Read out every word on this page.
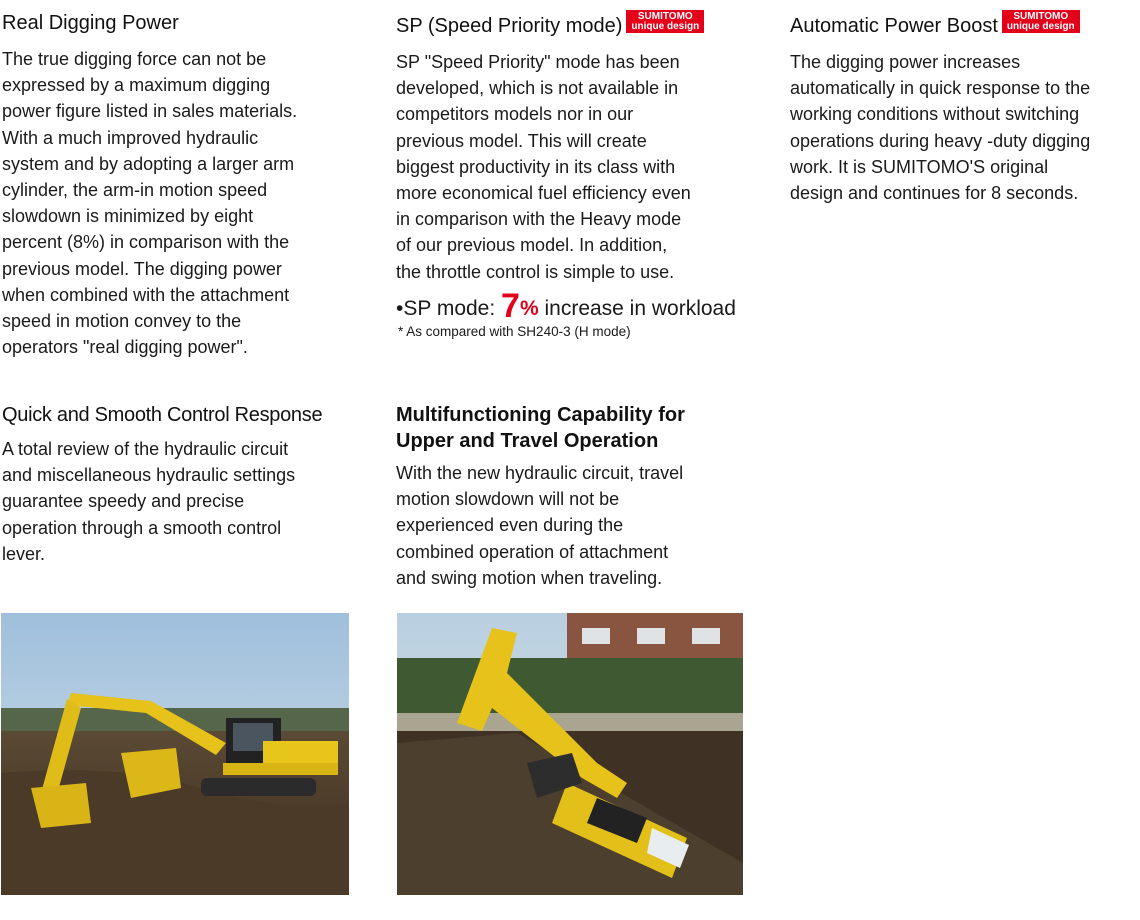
Real Digging Power

The true digging force can not be
expressed by a maximum digging
power figure listed in sales materials.
With a much improved hydraulic
system and by adopting a larger arm
cylinder, the arm-in motion speed
slowdown is minimized by eight
percent (8%) in comparison with the
previous model. The digging power
when combined with the attachment
speed in motion convey to the
operators "real digging power".

SP (Speed Priority mode)	SUMITOMO
unique design

SP "Speed Priority" mode has been
developed, which is not available in
competitors models nor in our
previous model. This will create
biggest productivity in its class with
more economical fuel efficiency even
in comparison with the Heavy mode
of our previous model. In addition,
the throttle control is simple to use.

•SP mode: 7% increase in workload

* As compared with SH240-3 (H mode)

Automatic Power Boost	SUMITOMO
unique design

The digging power increases
automatically in quick response to the
working conditions without switching
operations during heavy -duty digging
work. It is SUMITOMO'S original
design and continues for 8 seconds.

Quick and Smooth Control Response

A total review of the hydraulic circuit
and miscellaneous hydraulic settings
guarantee speedy and precise
operation through a smooth control
lever.

Multifunctioning Capability for
Upper and Travel Operation

With the new hydraulic circuit, travel
motion slowdown will not be
experienced even during the
combined operation of attachment
and swing motion when traveling.
